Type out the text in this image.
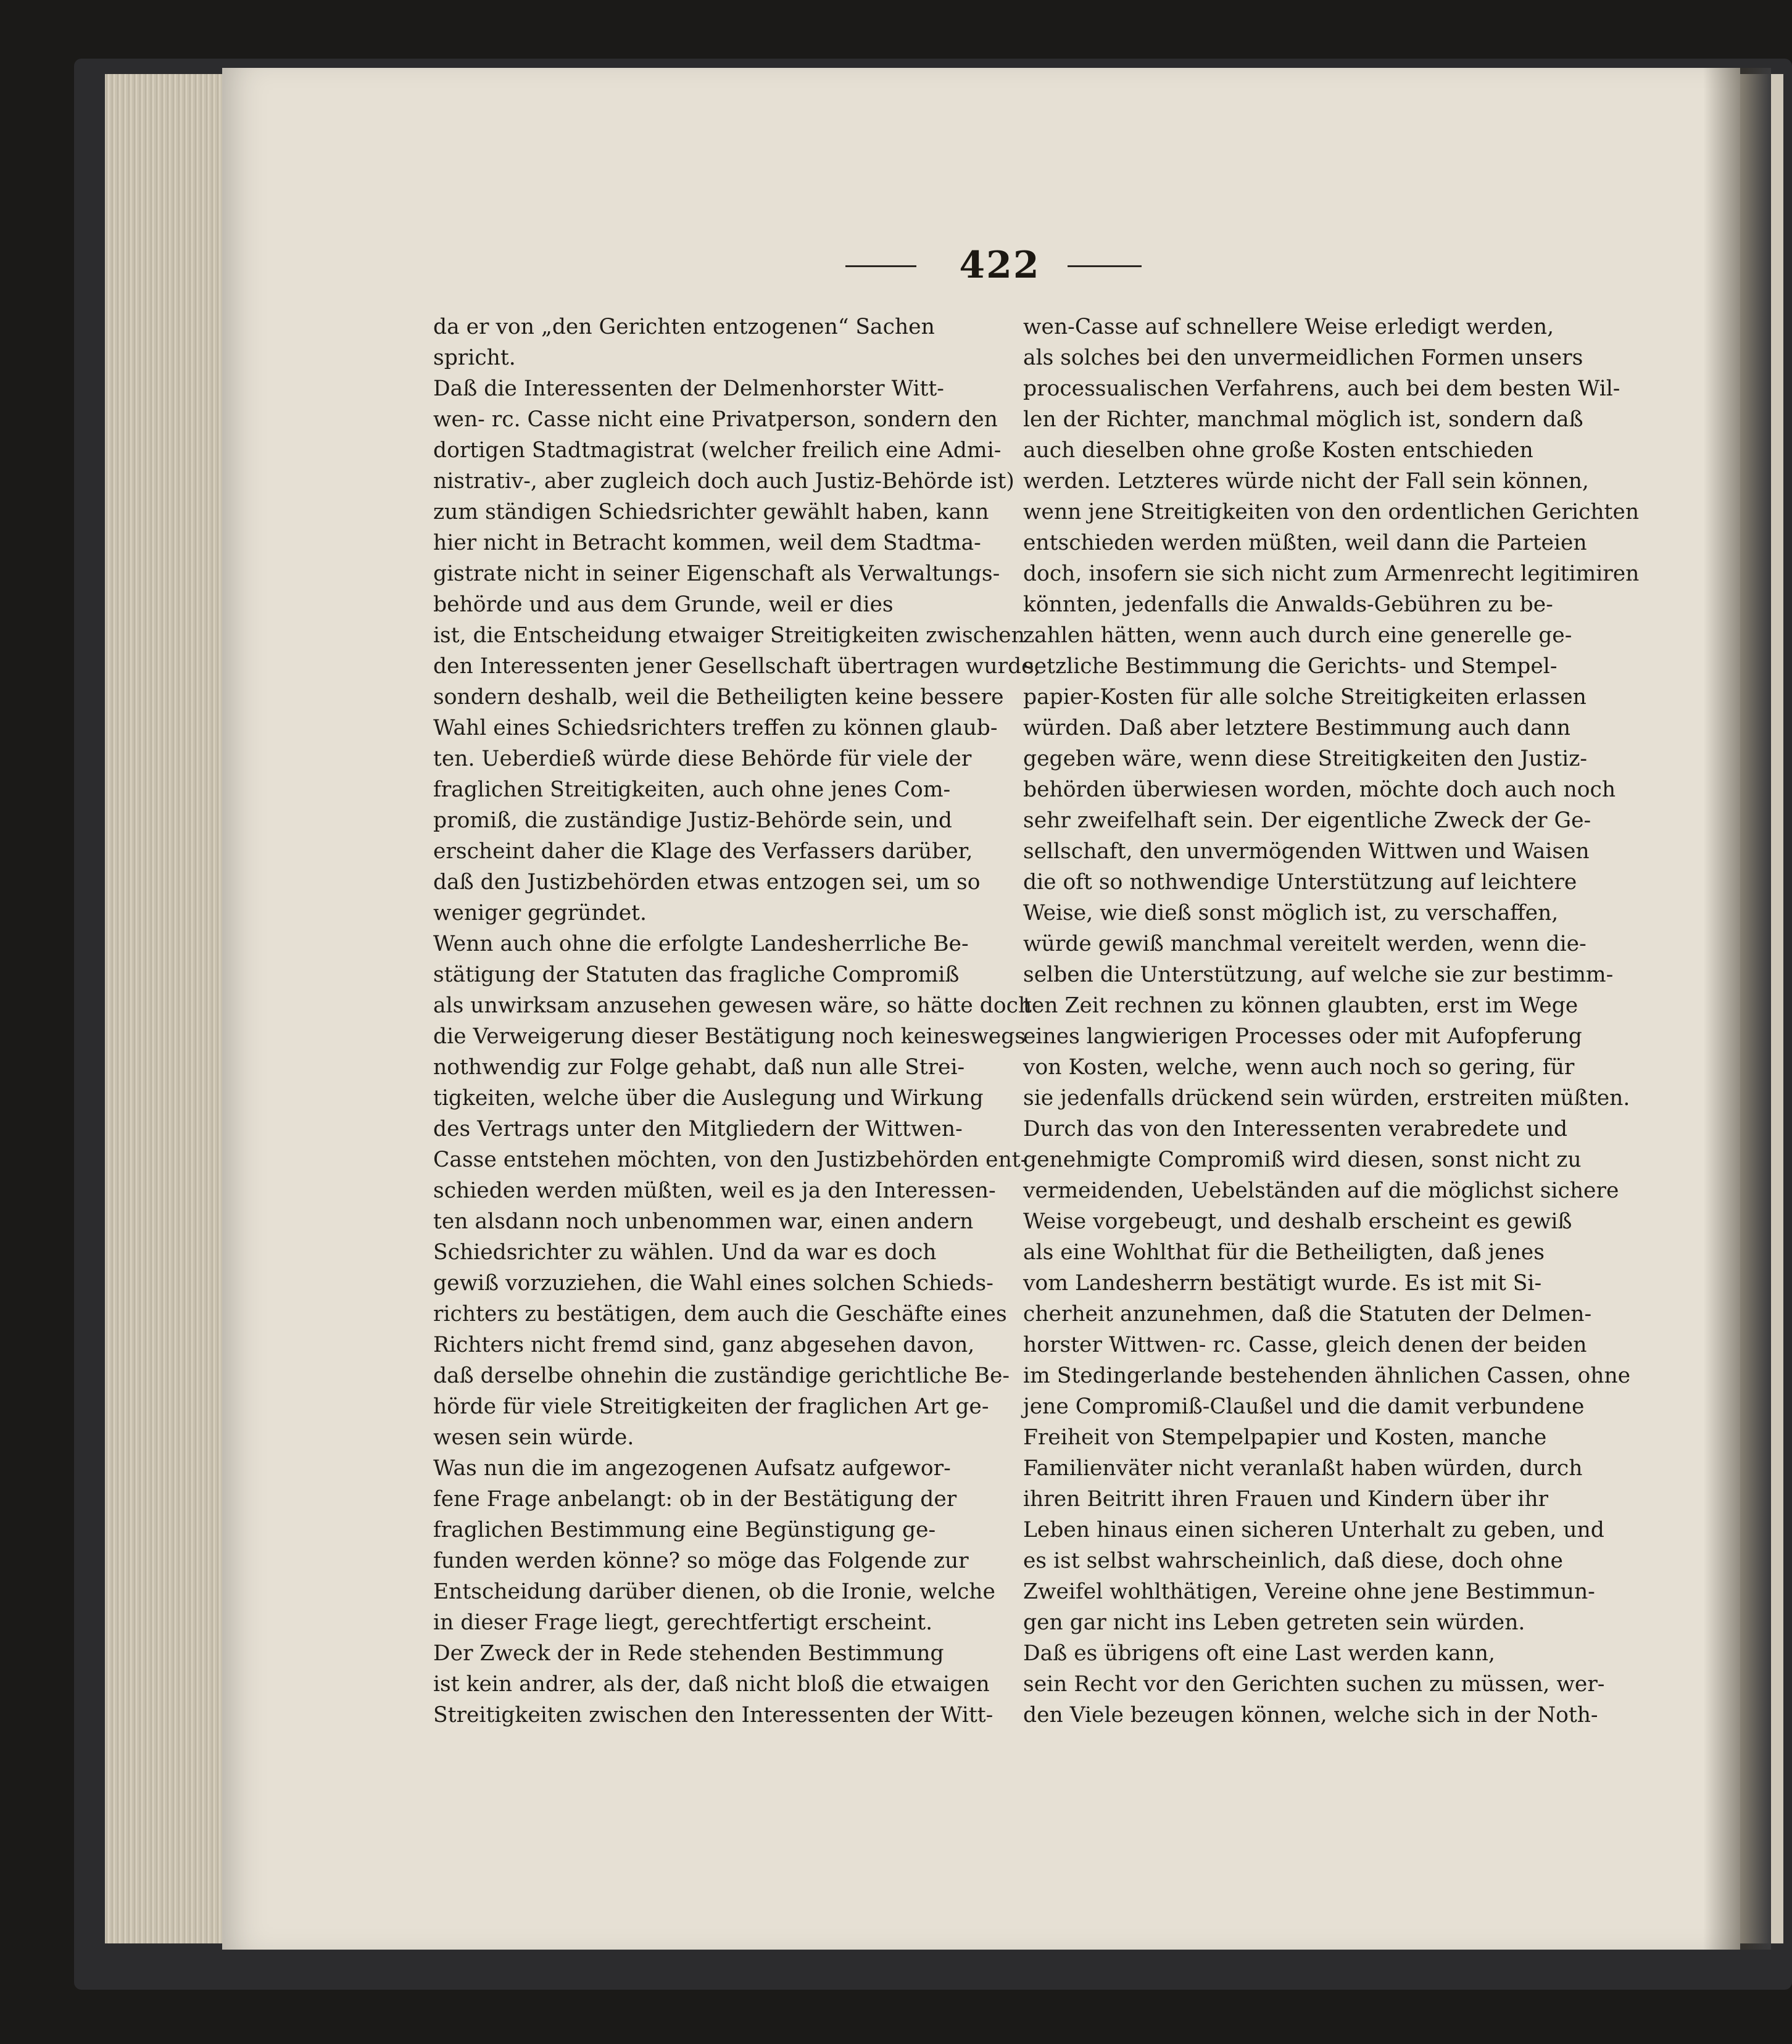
422
da er von „den Gerichten entzogenen“ Sachen
spricht.
Daß die Interessenten der Delmenhorster Witt-
wen- rc. Casse nicht eine Privatperson, sondern den
dortigen Stadtmagistrat (welcher freilich eine Admi-
nistrativ-, aber zugleich doch auch Justiz-Behörde ist)
zum ständigen Schiedsrichter gewählt haben, kann
hier nicht in Betracht kommen, weil dem Stadtma-
gistrate nicht in seiner Eigenschaft als Verwaltungs-
behörde und aus dem Grunde, weil er dies
ist, die Entscheidung etwaiger Streitigkeiten zwischen
den Interessenten jener Gesellschaft übertragen wurde,
sondern deshalb, weil die Betheiligten keine bessere
Wahl eines Schiedsrichters treffen zu können glaub-
ten. Ueberdieß würde diese Behörde für viele der
fraglichen Streitigkeiten, auch ohne jenes Com-
promiß, die zuständige Justiz-Behörde sein, und
erscheint daher die Klage des Verfassers darüber,
daß den Justizbehörden etwas entzogen sei, um so
weniger gegründet.
Wenn auch ohne die erfolgte Landesherrliche Be-
stätigung der Statuten das fragliche Compromiß
als unwirksam anzusehen gewesen wäre, so hätte doch
die Verweigerung dieser Bestätigung noch keineswegs
nothwendig zur Folge gehabt, daß nun alle Strei-
tigkeiten, welche über die Auslegung und Wirkung
des Vertrags unter den Mitgliedern der Wittwen-
Casse entstehen möchten, von den Justizbehörden ent-
schieden werden müßten, weil es ja den Interessen-
ten alsdann noch unbenommen war, einen andern
Schiedsrichter zu wählen. Und da war es doch
gewiß vorzuziehen, die Wahl eines solchen Schieds-
richters zu bestätigen, dem auch die Geschäfte eines
Richters nicht fremd sind, ganz abgesehen davon,
daß derselbe ohnehin die zuständige gerichtliche Be-
hörde für viele Streitigkeiten der fraglichen Art ge-
wesen sein würde.
Was nun die im angezogenen Aufsatz aufgewor-
fene Frage anbelangt: ob in der Bestätigung der
fraglichen Bestimmung eine Begünstigung ge-
funden werden könne? so möge das Folgende zur
Entscheidung darüber dienen, ob die Ironie, welche
in dieser Frage liegt, gerechtfertigt erscheint.
Der Zweck der in Rede stehenden Bestimmung
ist kein andrer, als der, daß nicht bloß die etwaigen
Streitigkeiten zwischen den Interessenten der Witt-
wen-Casse auf schnellere Weise erledigt werden,
als solches bei den unvermeidlichen Formen unsers
processualischen Verfahrens, auch bei dem besten Wil-
len der Richter, manchmal möglich ist, sondern daß
auch dieselben ohne große Kosten entschieden
werden. Letzteres würde nicht der Fall sein können,
wenn jene Streitigkeiten von den ordentlichen Gerichten
entschieden werden müßten, weil dann die Parteien
doch, insofern sie sich nicht zum Armenrecht legitimiren
könnten, jedenfalls die Anwalds-Gebühren zu be-
zahlen hätten, wenn auch durch eine generelle ge-
setzliche Bestimmung die Gerichts- und Stempel-
papier-Kosten für alle solche Streitigkeiten erlassen
würden. Daß aber letztere Bestimmung auch dann
gegeben wäre, wenn diese Streitigkeiten den Justiz-
behörden überwiesen worden, möchte doch auch noch
sehr zweifelhaft sein. Der eigentliche Zweck der Ge-
sellschaft, den unvermögenden Wittwen und Waisen
die oft so nothwendige Unterstützung auf leichtere
Weise, wie dieß sonst möglich ist, zu verschaffen,
würde gewiß manchmal vereitelt werden, wenn die-
selben die Unterstützung, auf welche sie zur bestimm-
ten Zeit rechnen zu können glaubten, erst im Wege
eines langwierigen Processes oder mit Aufopferung
von Kosten, welche, wenn auch noch so gering, für
sie jedenfalls drückend sein würden, erstreiten müßten.
Durch das von den Interessenten verabredete und
genehmigte Compromiß wird diesen, sonst nicht zu
vermeidenden, Uebelständen auf die möglichst sichere
Weise vorgebeugt, und deshalb erscheint es gewiß
als eine Wohlthat für die Betheiligten, daß jenes
vom Landesherrn bestätigt wurde. Es ist mit Si-
cherheit anzunehmen, daß die Statuten der Delmen-
horster Wittwen- rc. Casse, gleich denen der beiden
im Stedingerlande bestehenden ähnlichen Cassen, ohne
jene Compromiß-Claußel und die damit verbundene
Freiheit von Stempelpapier und Kosten, manche
Familienväter nicht veranlaßt haben würden, durch
ihren Beitritt ihren Frauen und Kindern über ihr
Leben hinaus einen sicheren Unterhalt zu geben, und
es ist selbst wahrscheinlich, daß diese, doch ohne
Zweifel wohlthätigen, Vereine ohne jene Bestimmun-
gen gar nicht ins Leben getreten sein würden.
Daß es übrigens oft eine Last werden kann,
sein Recht vor den Gerichten suchen zu müssen, wer-
den Viele bezeugen können, welche sich in der Noth-
